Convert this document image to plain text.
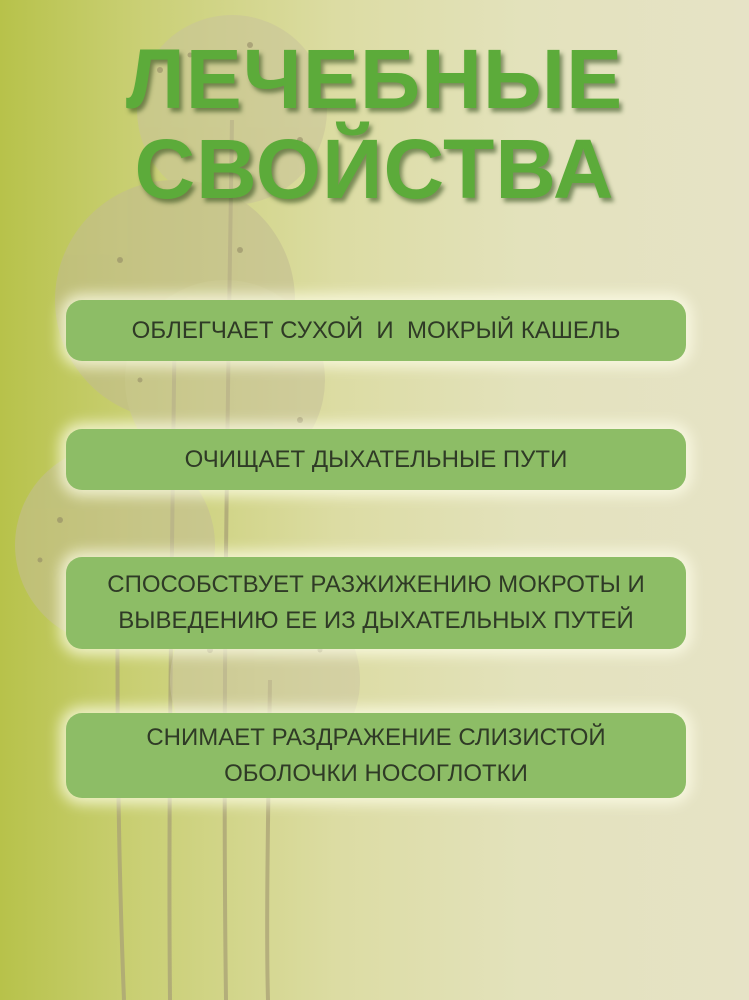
ЛЕЧЕБНЫЕ
СВОЙСТВА
ОБЛЕГЧАЕТ СУХОЙ  И  МОКРЫЙ КАШЕЛЬ
ОЧИЩАЕТ ДЫХАТЕЛЬНЫЕ ПУТИ
СПОСОБСТВУЕТ РАЗЖИЖЕНИЮ МОКРОТЫ И
ВЫВЕДЕНИЮ ЕЕ ИЗ ДЫХАТЕЛЬНЫХ ПУТЕЙ
СНИМАЕТ РАЗДРАЖЕНИЕ СЛИЗИСТОЙ
ОБОЛОЧКИ НОСОГЛОТКИ
